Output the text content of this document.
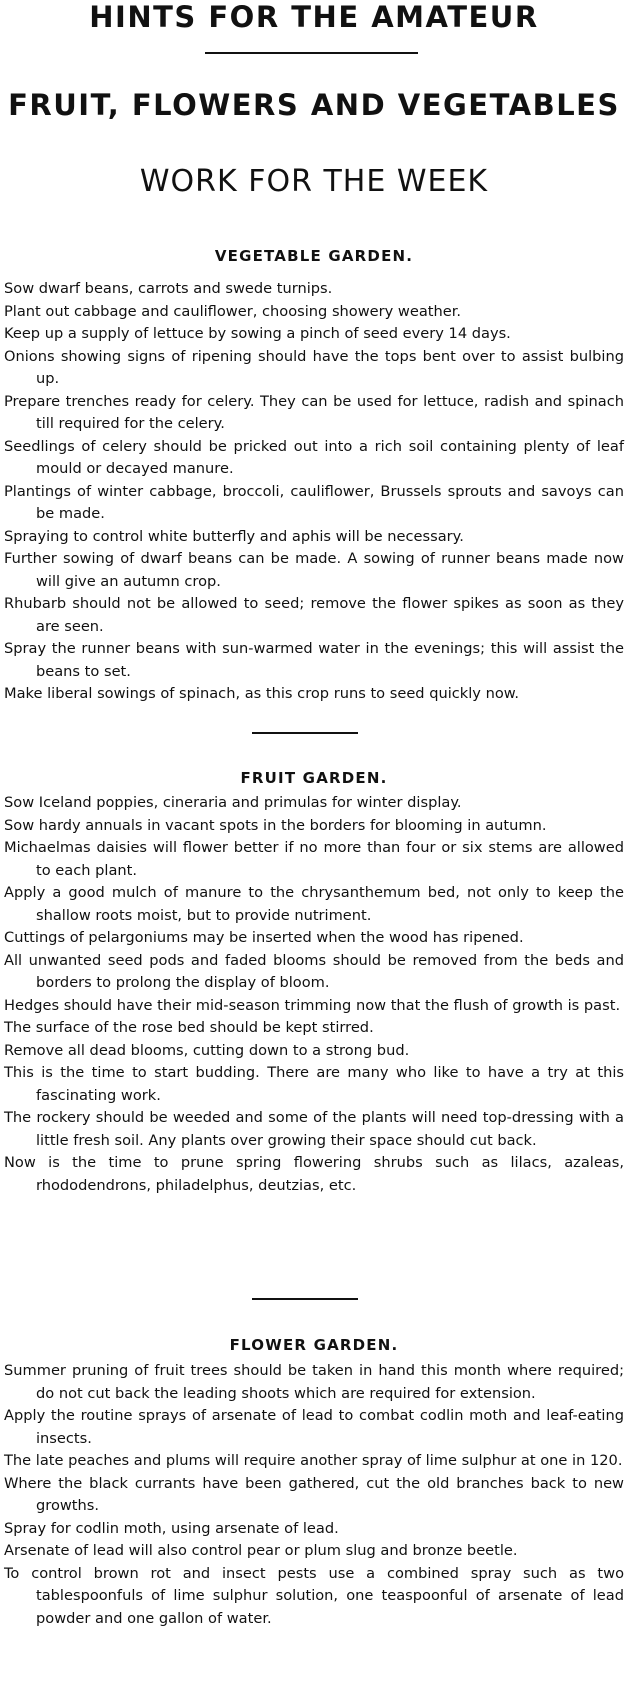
HINTS FOR THE AMATEUR
FRUIT, FLOWERS AND VEGETABLES
WORK FOR THE WEEK
VEGETABLE GARDEN.
Sow dwarf beans, carrots and swede turnips.
Plant out cabbage and cauliflower, choosing showery weather.
Keep up a supply of lettuce by sowing a pinch of seed every 14 days.
Onions showing signs of ripening should have the tops bent over to assist bulbing up.
Prepare trenches ready for celery. They can be used for lettuce, radish and spinach till required for the celery.
Seedlings of celery should be pricked out into a rich soil containing plenty of leaf mould or decayed manure.
Plantings of winter cabbage, broccoli, cauliflower, Brussels sprouts and savoys can be made.
Spraying to control white butterfly and aphis will be necessary.
Further sowing of dwarf beans can be made. A sowing of runner beans made now will give an autumn crop.
Rhubarb should not be allowed to seed; remove the flower spikes as soon as they are seen.
Spray the runner beans with sun-warmed water in the evenings; this will assist the beans to set.
Make liberal sowings of spinach, as this crop runs to seed quickly now.
FRUIT GARDEN.
Sow Iceland poppies, cineraria and primulas for winter display.
Sow hardy annuals in vacant spots in the borders for blooming in autumn.
Michaelmas daisies will flower better if no more than four or six stems are allowed to each plant.
Apply a good mulch of manure to the chrysanthemum bed, not only to keep the shallow roots moist, but to provide nutriment.
Cuttings of pelargoniums may be inserted when the wood has ripened.
All unwanted seed pods and faded blooms should be removed from the beds and borders to prolong the display of bloom.
Hedges should have their mid-season trimming now that the flush of growth is past.
The surface of the rose bed should be kept stirred.
Remove all dead blooms, cutting down to a strong bud.
This is the time to start budding. There are many who like to have a try at this fascinating work.
The rockery should be weeded and some of the plants will need top-dressing with a little fresh soil. Any plants over growing their space should cut back.
Now is the time to prune spring flowering shrubs such as lilacs, azaleas, rhododendrons, philadelphus, deutzias, etc.
FLOWER GARDEN.
Summer pruning of fruit trees should be taken in hand this month where required; do not cut back the leading shoots which are required for extension.
Apply the routine sprays of arsenate of lead to combat codlin moth and leaf-eating insects.
The late peaches and plums will require another spray of lime sulphur at one in 120.
Where the black currants have been gathered, cut the old branches back to new growths.
Spray for codlin moth, using arsenate of lead.
Arsenate of lead will also control pear or plum slug and bronze beetle.
To control brown rot and insect pests use a combined spray such as two tablespoonfuls of lime sulphur solution, one teaspoonful of arsenate of lead powder and one gallon of water.
